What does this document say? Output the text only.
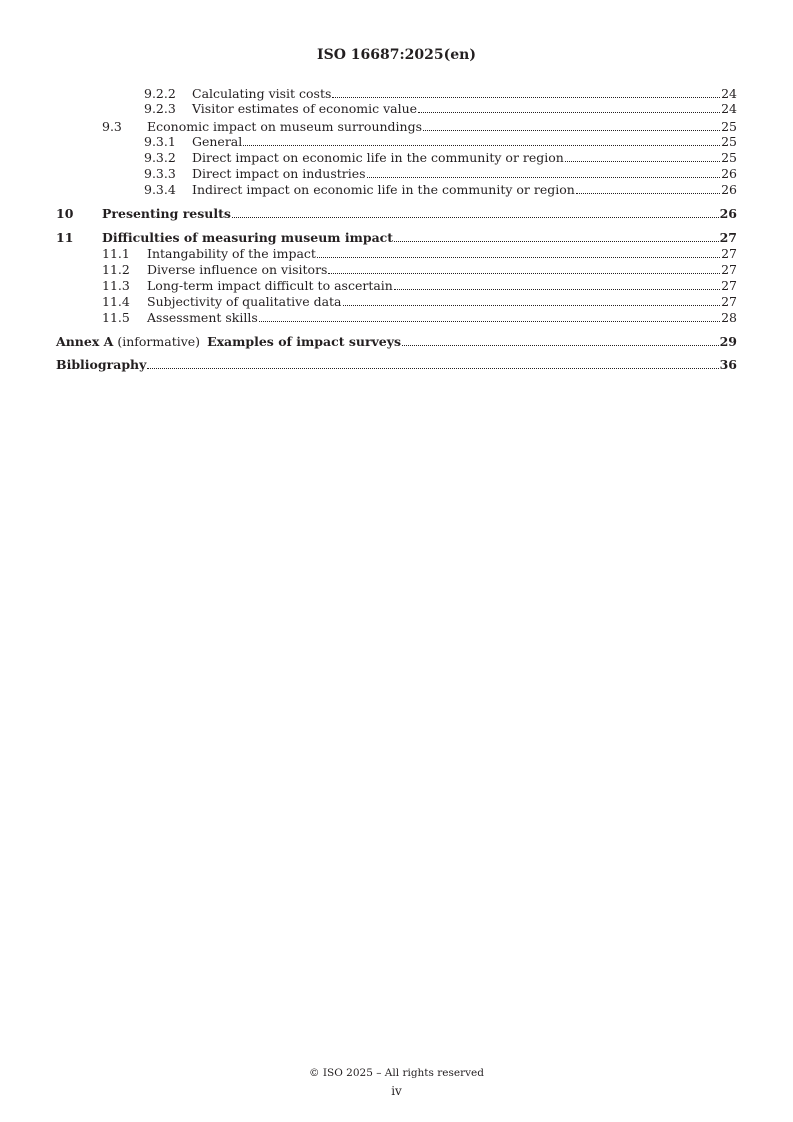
ISO 16687:2025(en)
9.2.2 Calculating visit costs	24
9.2.3 Visitor estimates of economic value	24
9.3 Economic impact on museum surroundings	25
9.3.1 General	25
9.3.2 Direct impact on economic life in the community or region	25
9.3.3 Direct impact on industries	26
9.3.4 Indirect impact on economic life in the community or region	26
10 Presenting results	26
11 Difficulties of measuring museum impact	27
11.1 Intangability of the impact	27
11.2 Diverse influence on visitors	27
11.3 Long-term impact difficult to ascertain	27
11.4 Subjectivity of qualitative data	27
11.5 Assessment skills	28
Annex A (informative) Examples of impact surveys	29
Bibliography	36
© ISO 2025 – All rights reserved
iv
